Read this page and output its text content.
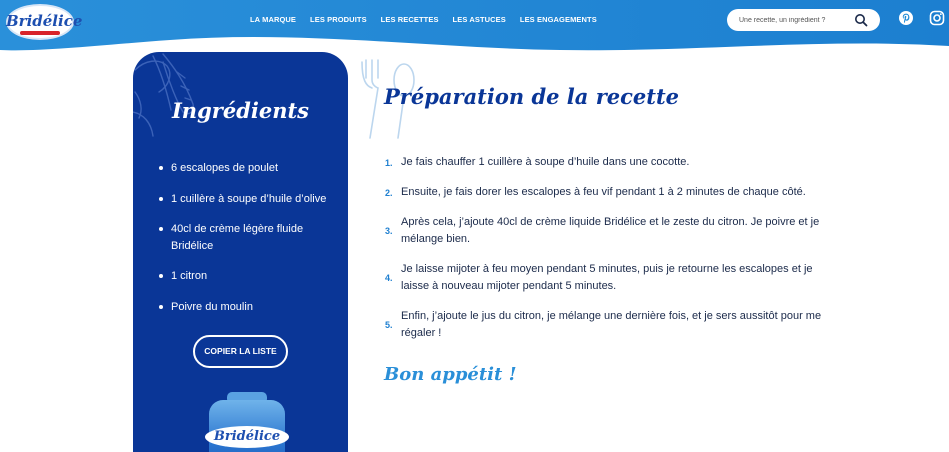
Bridélice	LA MARQUE LES PRODUITS LES RECETTES LES ASTUCES LES ENGAGEMENTS
Une recette, un ingrédient ?
Ingrédients
6 escalopes de poulet
1 cuillère à soupe d’huile d’olive
40cl de crème légère fluide Bridélice
1 citron
Poivre du moulin
COPIER LA LISTE
Bridélice
Préparation de la recette
1. Je fais chauffer 1 cuillère à soupe d’huile dans une cocotte.
2. Ensuite, je fais dorer les escalopes à feu vif pendant 1 à 2 minutes de chaque côté.
3.
Après cela, j’ajoute 40cl de crème liquide Bridélice et le zeste du citron. Je poivre et je mélange bien.
4.
Je laisse mijoter à feu moyen pendant 5 minutes, puis je retourne les escalopes et je laisse à nouveau mijoter pendant 5 minutes.
5.
Enfin, j’ajoute le jus du citron, je mélange une dernière fois, et je sers aussitôt pour me régaler !
Bon appétit !
